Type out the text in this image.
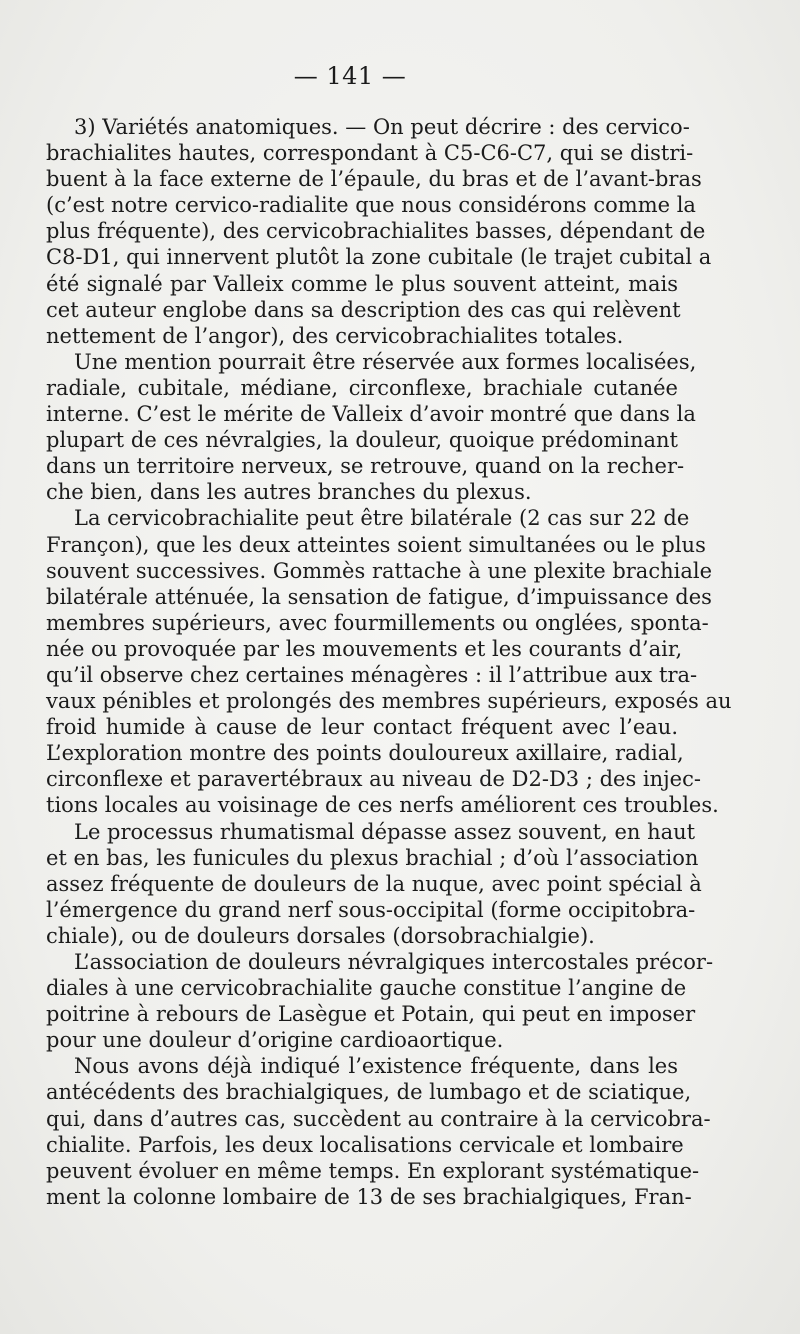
— 141 —
3) Variétés anatomiques. — On peut décrire : des cervico-
brachialites hautes, correspondant à C5-C6-C7, qui se distri-
buent à la face externe de l’épaule, du bras et de l’avant-bras
(c’est notre cervico-radialite que nous considérons comme la
plus fréquente), des cervicobrachialites basses, dépendant de
C8-D1, qui innervent plutôt la zone cubitale (le trajet cubital a
été signalé par Valleix comme le plus souvent atteint, mais
cet auteur englobe dans sa description des cas qui relèvent
nettement de l’angor), des cervicobrachialites totales.
Une mention pourrait être réservée aux formes localisées,
radiale, cubitale, médiane, circonflexe, brachiale cutanée
interne. C’est le mérite de Valleix d’avoir montré que dans la
plupart de ces névralgies, la douleur, quoique prédominant
dans un territoire nerveux, se retrouve, quand on la recher-
che bien, dans les autres branches du plexus.
La cervicobrachialite peut être bilatérale (2 cas sur 22 de
Françon), que les deux atteintes soient simultanées ou le plus
souvent successives. Gommès rattache à une plexite brachiale
bilatérale atténuée, la sensation de fatigue, d’impuissance des
membres supérieurs, avec fourmillements ou onglées, sponta-
née ou provoquée par les mouvements et les courants d’air,
qu’il observe chez certaines ménagères : il l’attribue aux tra-
vaux pénibles et prolongés des membres supérieurs, exposés au
froid humide à cause de leur contact fréquent avec l’eau.
L’exploration montre des points douloureux axillaire, radial,
circonflexe et paravertébraux au niveau de D2-D3 ; des injec-
tions locales au voisinage de ces nerfs améliorent ces troubles.
Le processus rhumatismal dépasse assez souvent, en haut
et en bas, les funicules du plexus brachial ; d’où l’association
assez fréquente de douleurs de la nuque, avec point spécial à
l’émergence du grand nerf sous-occipital (forme occipitobra-
chiale), ou de douleurs dorsales (dorsobrachialgie).
L’association de douleurs névralgiques intercostales précor-
diales à une cervicobrachialite gauche constitue l’angine de
poitrine à rebours de Lasègue et Potain, qui peut en imposer
pour une douleur d’origine cardioaortique.
Nous avons déjà indiqué l’existence fréquente, dans les
antécédents des brachialgiques, de lumbago et de sciatique,
qui, dans d’autres cas, succèdent au contraire à la cervicobra-
chialite. Parfois, les deux localisations cervicale et lombaire
peuvent évoluer en même temps. En explorant systématique-
ment la colonne lombaire de 13 de ses brachialgiques, Fran-
